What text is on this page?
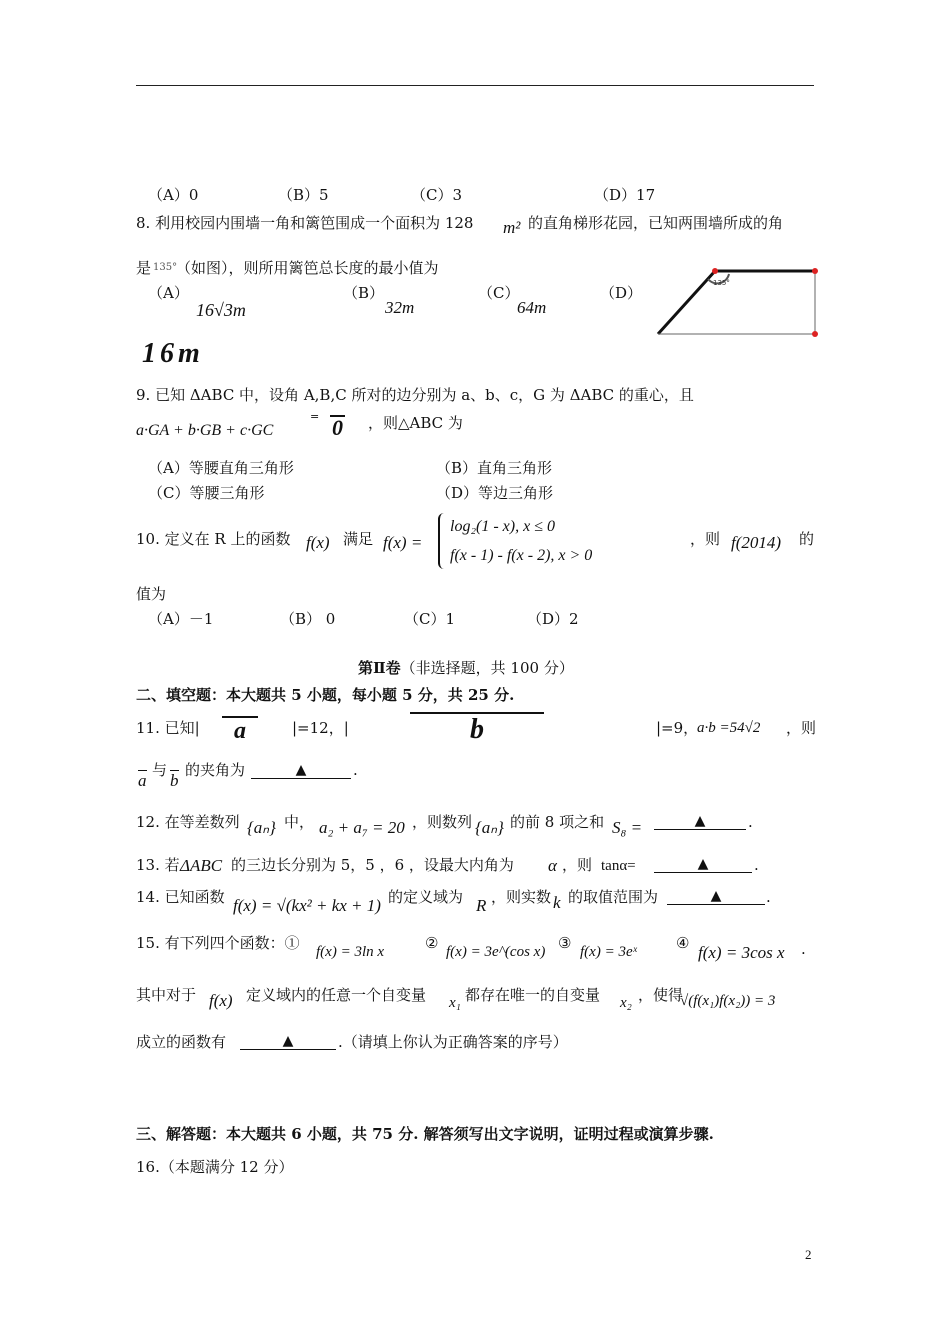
（A）0	（B）5	（C）3	（D）17
8. 利用校园内围墙一角和篱笆围成一个面积为 128 m² 的直角梯形花园，已知两围墙所成的角
是 135°
（如图），则所用篱笆总长度的最小值为
（A）
16√3m
（B）
32m
（C）
64m
（D）
16m
135°
9. 已知 ΔABC 中，设角 A,B,C 所对的边分别为 a、b、c，G 为 ΔABC 的重心，且
a·GA + b·GB + c·GC
= 0 ，则△ABC 为
（A）等腰直角三角形	（B）直角三角形
（C）等腰三角形	（D）等边三角形
10. 定义在 R 上的函数 f(x) 满足 f(x) =
log₂(1 - x), x ≤ 0
f(x - 1) - f(x - 2), x > 0
，则 f(2014) 的
值为
（A）－1	（B） 0	（C）1	（D）2
第Ⅱ卷（非选择题，共 100 分）
二、填空题：本大题共 5 小题，每小题 5 分，共 25 分.
11. 已知|	a	|=12，|	b	|=9，
a·b =54√2 ，则
a
与
b
的夹角为	▲	.
12. 在等差数列 {aₙ} 中， a₂ + a₇ = 20 ，则数列 {aₙ} 的前 8 项之和 S₈ =	▲	.
13. 若 ΔABC 的三边长分别为 5，5 ，6 ，设最大内角为 α ，则 tanα=	▲	.
14. 已知函数 f(x) = √(kx² + kx + 1) 的定义域为 R ，则实数 k 的取值范围为	▲	.
15. 有下列四个函数：① f(x) = 3ln x	② f(x) = 3e^(cos x) ③ f(x) = 3eˣ	④ f(x) = 3cos x .
其中对于 f(x) 定义域内的任意一个自变量 x₁ 都存在唯一的自变量 x₂ ，使得
√(f(x₁)f(x₂)) = 3
成立的函数有	▲	.（请填上你认为正确答案的序号）
三、解答题：本大题共 6 小题，共 75 分. 解答须写出文字说明，证明过程或演算步骤.
16.（本题满分 12 分）
2
